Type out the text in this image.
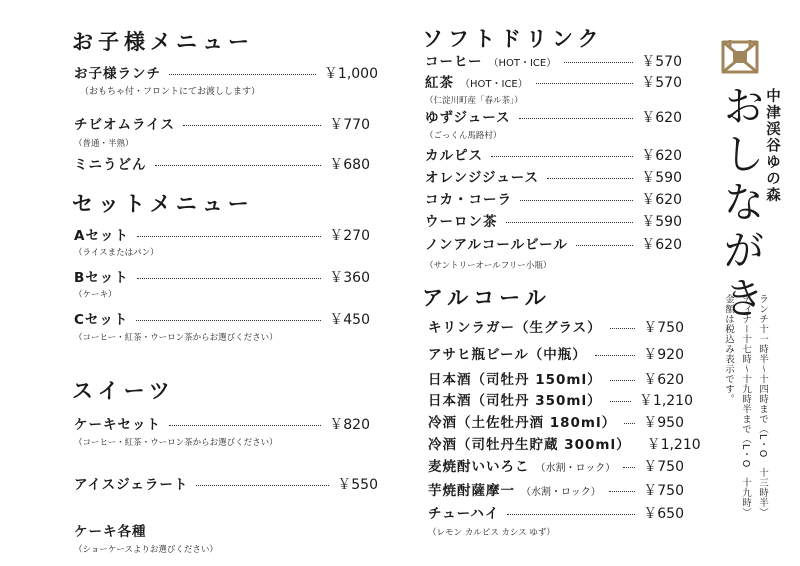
お子様メニュー
お子様ランチ	￥1,000
（おもちゃ付・フロントにてお渡しします）
チビオムライス	￥770
（普通・半熟）
ミニうどん	￥680
セットメニュー
Aセット	￥270
（ライスまたはパン）
Bセット	￥360
（ケーキ）
Cセット	￥450
（コーヒー・紅茶・ウーロン茶からお選びください）
スイーツ
ケーキセット	￥820
（コーヒー・紅茶・ウーロン茶からお選びください）
アイスジェラート	￥550
ケーキ各種
（ショーケースよりお選びください）
ソフトドリンク
コーヒー （HOT・ICE）	￥570
紅茶 （HOT・ICE）	￥570
（仁淀川町産「春ル茶」）
ゆずジュース	￥620
（ごっくん馬路村）
カルピス	￥620
オレンジジュース	￥590
コカ・コーラ	￥620
ウーロン茶	￥590
ノンアルコールビール	￥620
（サントリーオールフリー小瓶）
アルコール
キリンラガー（生グラス）	￥750
アサヒ瓶ビール（中瓶）	￥920
日本酒（司牡丹 150ml）	￥620
日本酒（司牡丹 350ml）	￥1,210
冷酒（土佐牡丹酒 180ml） ￥950
冷酒（司牡丹生貯蔵 300ml） ￥1,210
麦焼酎いいろこ （水割・ロック） ￥750
芋焼酎薩摩一 （水割・ロック）	￥750
チューハイ	￥650
（レモン カルピス カシス ゆず）
中津渓谷ゆの森
おしながき
ランチ十一時半〜十四時まで（L・O　十三時半）
ディナー十七時〜十九時半まで（L・O　十九時）
金額は税込み表示です。
